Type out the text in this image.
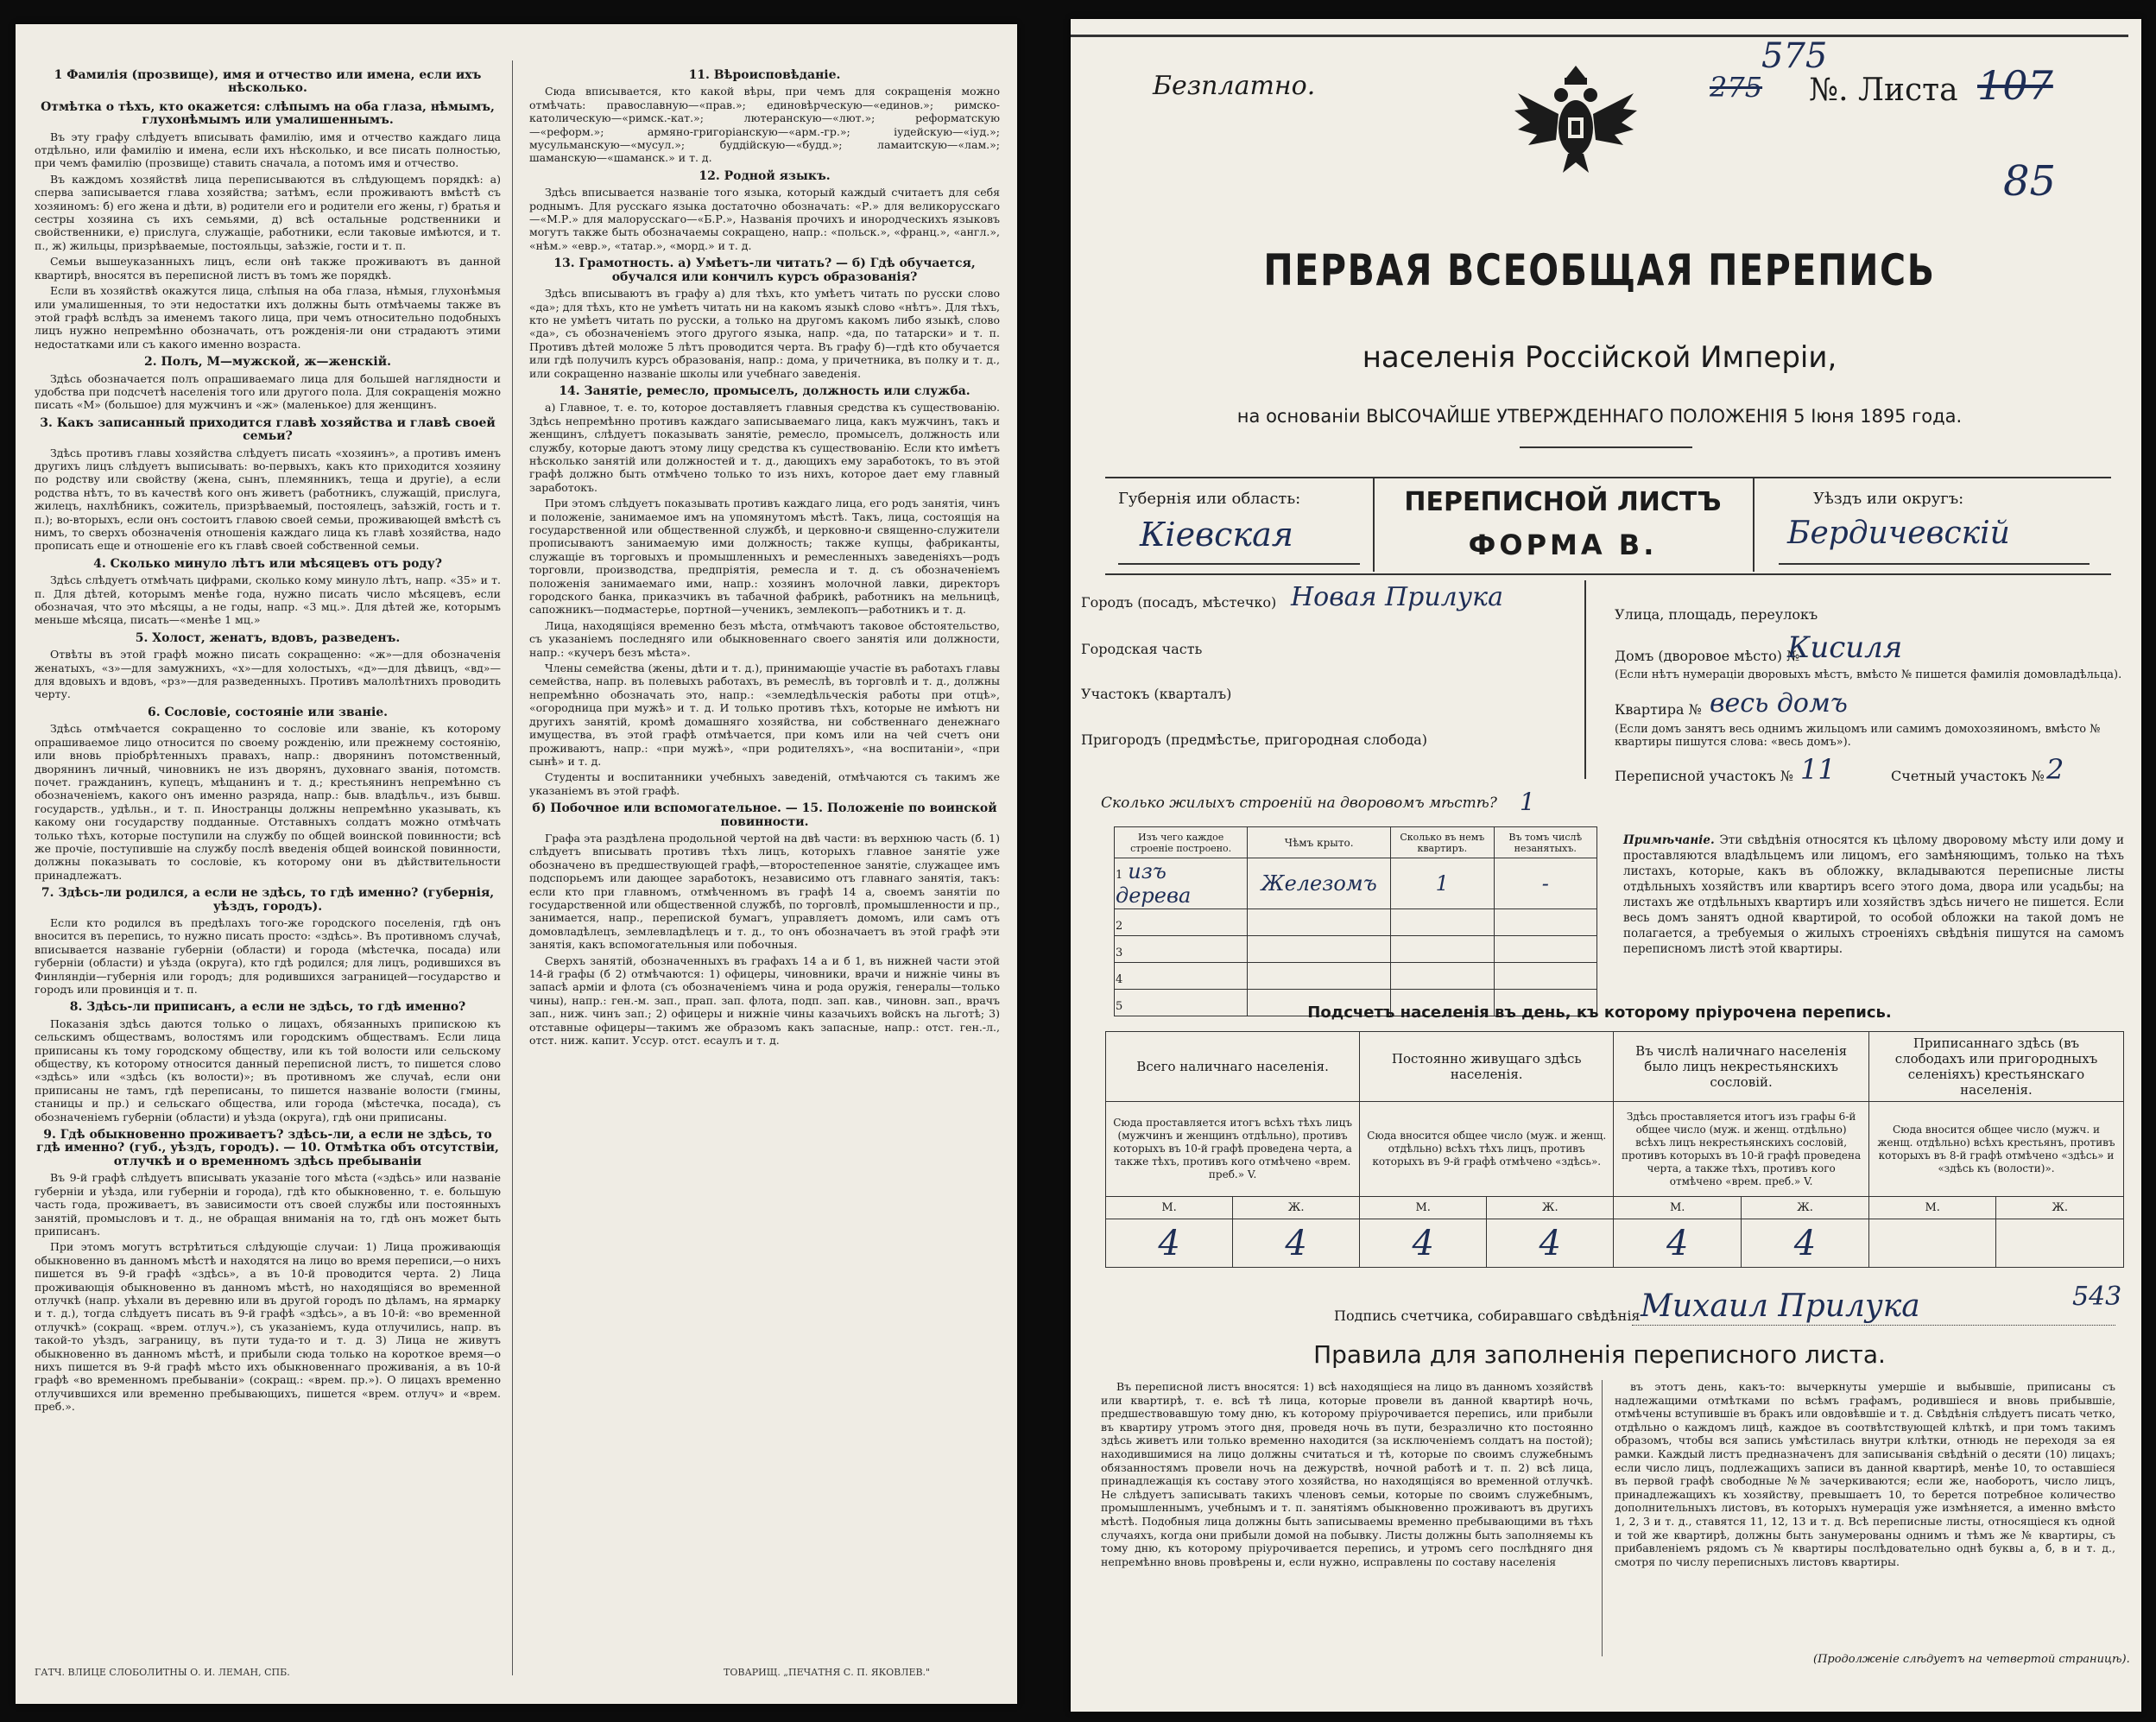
1 Фамилія (прозвище), имя и отчество или имена, если ихъ нѣсколько.
Отмѣтка о тѣхъ, кто окажется: слѣпымъ на оба глаза, нѣмымъ, глухонѣмымъ или умалишеннымъ.

Въ эту графу слѣдуетъ вписывать фамилію, имя и отчество каждаго лица отдѣльно, или фамилію и имена, если ихъ нѣсколько, и все писать полностью, при чемъ фамилію (прозвище) ставить сначала, а потомъ имя и отчество.

Въ каждомъ хозяйствѣ лица переписываются въ слѣдующемъ порядкѣ: а) сперва записывается глава хозяйства; затѣмъ, если проживаютъ вмѣстѣ съ хозяиномъ: б) его жена и дѣти, в) родители его и родители его жены, г) братья и сестры хозяина съ ихъ семьями, д) всѣ остальные родственники и свойственники, е) прислуга, служащіе, работники, если таковые имѣются, и т. п., ж) жильцы, призрѣваемые, постояльцы, заѣзжіе, гости и т. п.

Семьи вышеуказанныхъ лицъ, если онѣ также проживаютъ въ данной квартирѣ, вносятся въ переписной листъ въ томъ же порядкѣ.

Если въ хозяйствѣ окажутся лица, слѣпыя на оба глаза, нѣмыя, глухонѣмыя или умалишенныя, то эти недостатки ихъ должны быть отмѣчаемы также въ этой графѣ вслѣдъ за именемъ такого лица, при чемъ относительно подобныхъ лицъ нужно непремѣнно обозначать, отъ рожденія-ли они страдаютъ этими недостатками или съ какого именно возраста.

2. Полъ, М—мужской, ж—женскій.

Здѣсь обозначается полъ опрашиваемаго лица для большей наглядности и удобства при подсчетѣ населенія того или другого пола. Для сокращенія можно писать «М» (большое) для мужчинъ и «ж» (маленькое) для женщинъ.

3. Какъ записанный приходится главѣ хозяйства и главѣ своей семьи?

Здѣсь противъ главы хозяйства слѣдуетъ писать «хозяинъ», а противъ именъ другихъ лицъ слѣдуетъ выписывать: во-первыхъ, какъ кто приходится хозяину по родству или свойству (жена, сынъ, племянникъ, теща и другіе), а если родства нѣтъ, то въ качествѣ кого онъ живетъ (работникъ, служащій, прислуга, жилецъ, нахлѣбникъ, сожитель, призрѣваемый, постоялецъ, заѣзжій, гость и т. п.); во-вторыхъ, если онъ состоитъ главою своей семьи, проживающей вмѣстѣ съ нимъ, то сверхъ обозначенія отношенія каждаго лица къ главѣ хозяйства, надо прописать еще и отношеніе его къ главѣ своей собственной семьи.

4. Сколько минуло лѣтъ или мѣсяцевъ отъ роду?

Здѣсь слѣдуетъ отмѣчать цифрами, сколько кому минуло лѣтъ, напр. «35» и т. п. Для дѣтей, которымъ менѣе года, нужно писать число мѣсяцевъ, если обозначая, что это мѣсяцы, а не годы, напр. «3 мц.». Для дѣтей же, которымъ меньше мѣсяца, писать—«менѣе 1 мц.»

5. Холост, женатъ, вдовъ, разведенъ.

Отвѣты въ этой графѣ можно писать сокращенно: «ж»—для обозначенія женатыхъ, «з»—для замужнихъ, «х»—для холостыхъ, «д»—для дѣвицъ, «вд»—для вдовыхъ и вдовъ, «рз»—для разведенныхъ. Противъ малолѣтнихъ проводить черту.

6. Сословіе, состояніе или званіе.

Здѣсь отмѣчается сокращенно то сословіе или званіе, къ которому опрашиваемое лицо относится по своему рожденію, или прежнему состоянію, или вновь пріобрѣтенныхъ правахъ, напр.: дворянинъ потомственный, дворянинъ личный, чиновникъ не изъ дворянъ, духовнаго званія, потомств. почет. гражданинъ, купецъ, мѣщанинъ и т. д.; крестьянинъ непремѣнно съ обозначеніемъ, какого онъ именно разряда, напр.: быв. владѣльч., изъ бывш. государств., удѣльн., и т. п. Иностранцы должны непремѣнно указывать, къ какому они государству подданные. Отставныхъ солдатъ можно отмѣчать только тѣхъ, которые поступили на службу по общей воинской повинности; всѣ же прочіе, поступившіе на службу послѣ введенія общей воинской повинности, должны показывать то сословіе, къ которому они въ дѣйствительности принадлежатъ.

7. Здѣсь-ли родился, а если не здѣсь, то гдѣ именно? (губернія, уѣздъ, городъ).

Если кто родился въ предѣлахъ того-же городского поселенія, гдѣ онъ вносится въ перепись, то нужно писать просто: «здѣсь». Въ противномъ случаѣ, вписывается названіе губерніи (области) и города (мѣстечка, посада) или губерніи (области) и уѣзда (округа), кто гдѣ родился; для лицъ, родившихся въ Финляндіи—губернія или городъ; для родившихся заграницей—государство и городъ или провинція и т. п.

8. Здѣсь-ли приписанъ, а если не здѣсь, то гдѣ именно?

Показанія здѣсь даются только о лицахъ, обязанныхъ припискою къ сельскимъ обществамъ, волостямъ или городскимъ обществамъ. Если лица приписаны къ тому городскому обществу, или къ той волости или сельскому обществу, къ которому относится данный переписной листъ, то пишется слово «здѣсь» или «здѣсь (къ волости)»; въ противномъ же случаѣ, если они приписаны не тамъ, гдѣ переписаны, то пишется названіе волости (гмины, станицы и пр.) и сельскаго общества, или города (мѣстечка, посада), съ обозначеніемъ губерніи (области) и уѣзда (округа), гдѣ они приписаны.

9. Гдѣ обыкновенно проживаетъ? здѣсь-ли, а если не здѣсь, то гдѣ именно? (губ., уѣздъ, городъ). — 10. Отмѣтка объ отсутствіи, отлучкѣ и о временномъ здѣсь пребываніи

Въ 9-й графѣ слѣдуетъ вписывать указаніе того мѣста («здѣсь» или названіе губерніи и уѣзда, или губерніи и города), гдѣ кто обыкновенно, т. е. большую часть года, проживаетъ, въ зависимости отъ своей службы или постоянныхъ занятій, промысловъ и т. д., не обращая вниманія на то, гдѣ онъ может быть приписанъ.

При этомъ могутъ встрѣтиться слѣдующіе случаи: 1) Лица проживающія обыкновенно въ данномъ мѣстѣ и находятся на лицо во время переписи,—о нихъ пишется въ 9-й графѣ «здѣсь», а въ 10-й проводится черта. 2) Лица проживающія обыкновенно въ данномъ мѣстѣ, но находящіяся во временной отлучкѣ (напр. уѣхали въ деревню или въ другой городъ по дѣламъ, на ярмарку и т. д.), тогда слѣдуетъ писать въ 9-й графѣ «здѣсь», а въ 10-й: «во временной отлучкѣ» (сокращ. «врем. отлуч.»), съ указаніемъ, куда отлучились, напр. въ такой-то уѣздъ, заграницу, въ пути туда-то и т. д. 3) Лица не живутъ обыкновенно въ данномъ мѣстѣ, и прибыли сюда только на короткое время—о нихъ пишется въ 9-й графѣ мѣсто ихъ обыкновеннаго проживанія, а въ 10-й графѣ «во временномъ пребываніи» (сокращ.: «врем. пр.»). О лицахъ временно отлучившихся или временно пребывающихъ, пишется «врем. отлуч» и «врем. преб.».

11. Вѣроисповѣданіе.

Сюда вписывается, кто какой вѣры, при чемъ для сокращенія можно отмѣчать: православную—«прав.»; единовѣрческую—«единов.»; римско-католическую—«римск.-кат.»; лютеранскую—«лют.»; реформатскую—«реформ.»; армяно-григоріанскую—«арм.-гр.»; іудейскую—«іуд.»; мусульманскую—«мусул.»; буддійскую—«будд.»; ламаитскую—«лам.»; шаманскую—«шаманск.» и т. д.

12. Родной языкъ.

Здѣсь вписывается названіе того языка, который каждый считаетъ для себя роднымъ. Для русскаго языка достаточно обозначать: «Р.» для великорусскаго—«М.Р.» для малорусскаго—«Б.Р.», Названія прочихъ и инородческихъ языковъ могутъ также быть обозначаемы сокращено, напр.: «польск.», «франц.», «англ.», «нѣм.» «евр.», «татар.», «морд.» и т. д.

13. Грамотность. а) Умѣетъ-ли читать? — б) Гдѣ обучается, обучался или кончилъ курсъ образованія?

Здѣсь вписываютъ въ графу а) для тѣхъ, кто умѣетъ читать по русски слово «да»; для тѣхъ, кто не умѣетъ читать ни на какомъ языкѣ слово «нѣтъ». Для тѣхъ, кто не умѣетъ читать по русски, а только на другомъ какомъ либо языкѣ, слово «да», съ обозначеніемъ этого другого языка, напр. «да, по татарски» и т. п. Противъ дѣтей моложе 5 лѣтъ проводится черта. Въ графу б)—гдѣ кто обучается или гдѣ получилъ курсъ образованія, напр.: дома, у причетника, въ полку и т. д., или сокращенно названіе школы или учебнаго заведенія.

14. Занятіе, ремесло, промыселъ, должность или служба.

а) Главное, т. е. то, которое доставляетъ главныя средства къ существованію. Здѣсь непремѣнно противъ каждаго записываемаго лица, какъ мужчинъ, такъ и женщинъ, слѣдуетъ показывать занятіе, ремесло, промыселъ, должность или службу, которые даютъ этому лицу средства къ существованію. Если кто имѣетъ нѣсколько занятій или должностей и т. д., дающихъ ему заработокъ, то въ этой графѣ должно быть отмѣчено только то изъ нихъ, которое дает ему главный заработокъ.

При этомъ слѣдуетъ показывать противъ каждаго лица, его родъ занятія, чинъ и положеніе, занимаемое имъ на упомянутомъ мѣстѣ. Такъ, лица, состоящія на государственной или общественной службѣ, и церковно-и священно-служители прописываютъ занимаемую ими должность; также купцы, фабриканты, служащіе въ торговыхъ и промышленныхъ и ремесленныхъ заведеніяхъ—родъ торговли, производства, предпріятія, ремесла и т. д. съ обозначеніемъ положенія занимаемаго ими, напр.: хозяинъ молочной лавки, директоръ городского банка, приказчикъ въ табачной фабрикѣ, работникъ на мельницѣ, сапожникъ—подмастерье, портной—ученикъ, землекопъ—работникъ и т. д.

Лица, находящіяся временно безъ мѣста, отмѣчаютъ таковое обстоятельство, съ указаніемъ последняго или обыкновеннаго своего занятія или должности, напр.: «кучеръ безъ мѣста».

Члены семейства (жены, дѣти и т. д.), принимающіе участіе въ работахъ главы семейства, напр. въ полевыхъ работахъ, въ ремеслѣ, въ торговлѣ и т. д., должны непремѣнно обозначать это, напр.: «земледѣльческія работы при отцѣ», «огородница при мужѣ» и т. д. И только противъ тѣхъ, которые не имѣютъ ни другихъ занятій, кромѣ домашняго хозяйства, ни собственнаго денежнаго имущества, въ этой графѣ отмѣчается, при комъ или на чей счетъ они проживаютъ, напр.: «при мужѣ», «при родителяхъ», «на воспитаніи», «при сынѣ» и т. д.

Студенты и воспитанники учебныхъ заведеній, отмѣчаются съ такимъ же указаніемъ въ этой графѣ.

б) Побочное или вспомогательное. — 15. Положеніе по воинской повинности.

Графа эта раздѣлена продольной чертой на двѣ части: въ верхнюю часть (б. 1) слѣдуетъ вписывать противъ тѣхъ лицъ, которыхъ главное занятіе уже обозначено въ предшествующей графѣ,—второстепенное занятіе, служащее имъ подспорьемъ или дающее заработокъ, независимо отъ главнаго занятія, такъ: если кто при главномъ, отмѣченномъ въ графѣ 14 а, своемъ занятіи по государственной или общественной службѣ, по торговлѣ, промышленности и пр., занимается, напр., перепиской бумагъ, управляетъ домомъ, или самъ отъ домовладѣлецъ, землевладѣлецъ и т. д., то онъ обозначаетъ въ этой графѣ эти занятія, какъ вспомогательныя или побочныя.

Сверхъ занятій, обозначенныхъ въ графахъ 14 а и б 1, въ нижней части этой 14-й графы (б 2) отмѣчаются: 1) офицеры, чиновники, врачи и нижніе чины въ запасѣ арміи и флота (съ обозначеніемъ чина и рода оружія, генералы—только чины), напр.: ген.-м. зап., прап. зап. флота, подп. зап. кав., чиновн. зап., врачъ зап., ниж. чинъ зап.; 2) офицеры и нижніе чины казачьихъ войскъ на льготѣ; 3) отставные офицеры—такимъ же образомъ какъ запасные, напр.: отст. ген.-л., отст. ниж. капит. Уссур. отст. есаулъ и т. д.

ГАТЧ. ВЛИЦЕ СЛОБОЛИТНЫ О. И. ЛЕМАН, СПБ.	ТОВАРИЩ. „ПЕЧАТНЯ С. П. ЯКОВЛЕВ."
Безплатно.	275
575
№. Листа 107
85
ПЕРВАЯ ВСЕОБЩАЯ ПЕРЕПИСЬ
населенія Россійской Имперіи,
на основаніи ВЫСОЧАЙШЕ УТВЕРЖДЕННАГО ПОЛОЖЕНІЯ 5 Іюня 1895 года.
Губернія или область:
Кіевская
ПЕРЕПИСНОЙ ЛИСТЪ
ФОРМА В.
Уѣздъ или округъ:
Бердичевскій
Городъ (посадъ, мѣстечко) Новая Прилука
Городская часть
Участокъ (кварталъ)
Пригородъ (предмѣстье, пригородная слобода)
Улица, площадь, переулокъ
Домъ (дворовое мѣсто) №
Кисиля
(Если нѣтъ нумераціи дворовыхъ мѣстъ, вмѣсто № пишется фамилія домовладѣльца).
Квартира № весь домъ
(Если домъ занятъ весь однимъ жильцомъ или самимъ домохозяиномъ, вмѣсто № квартиры пишутся слова: «весь домъ»).
Переписной участокъ № 11	Счетный участокъ № 2
Сколько жилыхъ строеній на дворовомъ мѣстѣ? 1
Изъ чего каждое строеніе построено.	Чѣмъ крыто.	Сколько въ немъ квартиръ.	Въ томъ числѣ незанятыхъ.
1 изъ дерева	Железомъ	1	-
2			
3			
4			
5			
Примѣчаніе. Эти свѣдѣнія относятся къ цѣлому дворовому мѣсту или дому и проставляются владѣльцемъ или лицомъ, его замѣняющимъ, только на тѣхъ листахъ, которые, какъ въ обложку, вкладываются переписные листы отдѣльныхъ хозяйствъ или квартиръ всего этого дома, двора или усадьбы; на листахъ же отдѣльныхъ квартиръ или хозяйствъ здѣсь ничего не пишется. Если весь домъ занятъ одной квартирой, то особой обложки на такой домъ не полагается, а требуемыя о жилыхъ строеніяхъ свѣдѣнія пишутся на самомъ переписномъ листѣ этой квартиры.
Подсчетъ населенія въ день, къ которому пріурочена перепись.
Всего наличнаго населенія.		Постоянно живущаго здѣсь населенія.		Въ числѣ наличнаго населенія было лицъ некрестьянскихъ сословій.		Приписаннаго здѣсь (въ слободахъ или пригородныхъ селеніяхъ) крестьянскаго населенія.	
Сюда проставляется итогъ всѣхъ тѣхъ лицъ (мужчинъ и женщинъ отдѣльно), противъ которыхъ въ 10-й графѣ проведена черта, а также тѣхъ, противъ кого отмѣчено «врем. преб.» V.		Сюда вносится общее число (муж. и женщ. отдѣльно) всѣхъ тѣхъ лицъ, противъ которыхъ въ 9-й графѣ отмѣчено «здѣсь».		Здѣсь проставляется итогъ изъ графы 6-й общее число (муж. и женщ. отдѣльно) всѣхъ лицъ некрестьянскихъ сословій, противъ которыхъ въ 10-й графѣ проведена черта, а также тѣхъ, противъ кого отмѣчено «врем. преб.» V.		Сюда вносится общее число (мужч. и женщ. отдѣльно) всѣхъ крестьянъ, противъ которыхъ въ 8-й графѣ отмѣчено «здѣсь» и «здѣсь къ (волости)».	
М.	Ж.	М.	Ж.	М.	Ж.	М.	Ж.
4	4	4	4	4	4		
Подпись счетчика, собиравшаго свѣдѣнія Михаил Прилука	543
Правила для заполненія переписного листа.
Въ переписной листъ вносятся: 1) всѣ находящіеся на лицо въ данномъ хозяйствѣ или квартирѣ, т. е. всѣ тѣ лица, которые провели въ данной квартирѣ ночь, предшествовавшую тому дню, къ которому пріурочивается перепись, или прибыли въ квартиру утромъ этого дня, проведя ночь въ пути, безразлично кто постоянно здѣсь живетъ или только временно находится (за исключеніемъ солдатъ на постой); находившимися на лицо должны считаться и тѣ, которые по своимъ служебнымъ обязанностямъ провели ночь на дежурствѣ, ночной работѣ и т. п. 2) всѣ лица, принадлежащія къ составу этого хозяйства, но находящіяся во временной отлучкѣ. Не слѣдуетъ записывать такихъ членовъ семьи, которые по своимъ служебнымъ, промышленнымъ, учебнымъ и т. п. занятіямъ обыкновенно проживаютъ въ другихъ мѣстѣ. Подобныя лица должны быть записываемы временно пребывающими въ тѣхъ случаяхъ, когда они прибыли домой на побывку. Листы должны быть заполняемы къ тому дню, къ которому пріурочивается перепись, и утромъ сего послѣдняго дня непремѣнно вновь провѣрены и, если нужно, исправлены по составу населенія
въ этотъ день, какъ-то: вычеркнуты умершіе и выбывшіе, приписаны съ надлежащими отмѣтками по всѣмъ графамъ, родившіеся и вновь прибывшіе, отмѣчены вступившіе въ бракъ или овдовѣвшіе и т. д. Свѣдѣнія слѣдуетъ писать четко, отдѣльно о каждомъ лицѣ, каждое въ соотвѣтствующей клѣткѣ, и при томъ такимъ образомъ, чтобы вся запись умѣстилась внутри клѣтки, отнюдь не переходя за ея рамки. Каждый листъ предназначенъ для записыванія свѣдѣній о десяти (10) лицахъ; если число лицъ, подлежащихъ записи въ данной квартирѣ, менѣе 10, то оставшіеся въ первой графѣ свободные №№ зачеркиваются; если же, наоборотъ, число лицъ, принадлежащихъ къ хозяйству, превышаетъ 10, то берется потребное количество дополнительныхъ листовъ, въ которыхъ нумерація уже измѣняется, а именно вмѣсто 1, 2, 3 и т. д., ставятся 11, 12, 13 и т. д. Всѣ переписные листы, относящіеся къ одной и той же квартирѣ, должны быть занумерованы однимъ и тѣмъ же № квартиры, съ прибавленіемъ рядомъ съ № квартиры послѣдовательно однѣ буквы а, б, в и т. д., смотря по числу переписныхъ листовъ квартиры.
(Продолженіе слѣдуетъ на четвертой страницѣ).
